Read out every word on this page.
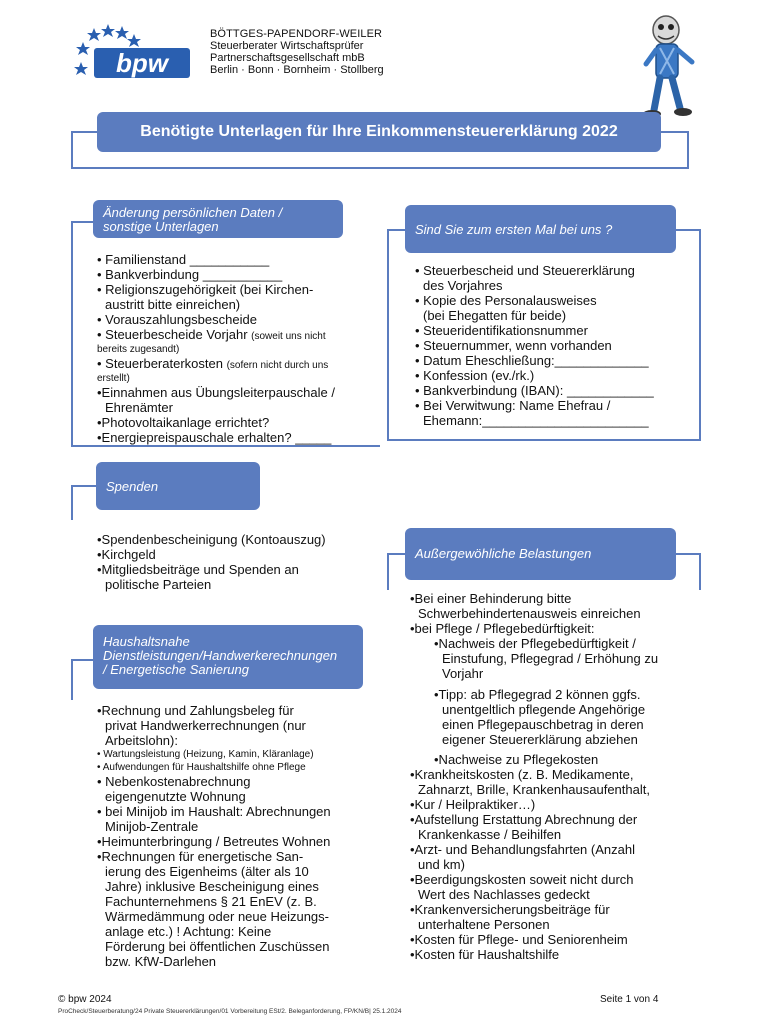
bpw
BÖTTGES-PAPENDORF-WEILER
Steuerberater Wirtschaftsprüfer
Partnerschaftsgesellschaft mbB
Berlin · Bonn · Bornheim · Stollberg
Benötigte Unterlagen für Ihre Einkommensteuererklärung 2022
Änderung persönlichen Daten /
sonstige Unterlagen
• Familienstand ___________
• Bankverbindung ___________
• Religionszugehörigkeit (bei Kirchen-
austritt bitte einreichen)
• Vorauszahlungsbescheide
• Steuerbescheide Vorjahr (soweit uns nicht
bereits zugesandt)
• Steuerberaterkosten (sofern nicht durch uns
erstellt)
•Einnahmen aus Übungsleiterpauschale /
Ehrenämter
•Photovoltaikanlage errichtet?
•Energiepreispauschale erhalten? _____
Sind Sie zum ersten Mal bei uns ?
• Steuerbescheid und Steuererklärung
des Vorjahres
• Kopie des Personalausweises
(bei Ehegatten für beide)
• Steueridentifikationsnummer
• Steuernummer, wenn vorhanden
• Datum Eheschließung:_____________
• Konfession (ev./rk.)
• Bankverbindung (IBAN): ____________
• Bei Verwitwung: Name Ehefrau /
Ehemann:_______________________
Spenden
•Spendenbescheinigung (Kontoauszug)
•Kirchgeld
•Mitgliedsbeiträge und Spenden an
politische Parteien
Haushaltsnahe
Dienstleistungen/Handwerkerechnungen
/ Energetische Sanierung
•Rechnung und Zahlungsbeleg für
privat Handwerkerrechnungen (nur
Arbeitslohn):
• Wartungsleistung (Heizung, Kamin, Kläranlage)
• Aufwendungen für Haushaltshilfe ohne Pflege
• Nebenkostenabrechnung
eigengenutzte Wohnung
• bei Minijob im Haushalt: Abrechnungen
Minijob-Zentrale
•Heimunterbringung / Betreutes Wohnen
•Rechnungen für energetische San-
ierung des Eigenheims (älter als 10
Jahre) inklusive Bescheinigung eines
Fachunternehmens § 21 EnEV (z. B.
Wärmedämmung oder neue Heizungs-
anlage etc.) ! Achtung: Keine
Förderung bei öffentlichen Zuschüssen
bzw. KfW-Darlehen
Außergewöhliche Belastungen
•Bei einer Behinderung bitte
Schwerbehindertenausweis einreichen
•bei Pflege / Pflegebedürftigkeit:
•Nachweis der Pflegebedürftigkeit /
Einstufung, Pflegegrad / Erhöhung zu
Vorjahr
•Tipp: ab Pflegegrad 2 können ggfs.
unentgeltlich pflegende Angehörige
einen Pflegepauschbetrag in deren
eigener Steuererklärung abziehen
•Nachweise zu Pflegekosten
•Krankheitskosten (z. B. Medikamente,
Zahnarzt, Brille, Krankenhausaufenthalt,
•Kur / Heilpraktiker…)
•Aufstellung Erstattung Abrechnung der
Krankenkasse / Beihilfen
•Arzt- und Behandlungsfahrten (Anzahl
und km)
•Beerdigungskosten soweit nicht durch
Wert des Nachlasses gedeckt
•Krankenversicherungsbeiträge für
unterhaltene Personen
•Kosten für Pflege- und Seniorenheim
•Kosten für Haushaltshilfe
© bpw 2024	Seite 1 von 4
ProCheck/Steuerberatung/24 Private Steuererklärungen/01 Vorbereitung ESt/2. Beleganforderung, FP/KN/B| 25.1.2024
